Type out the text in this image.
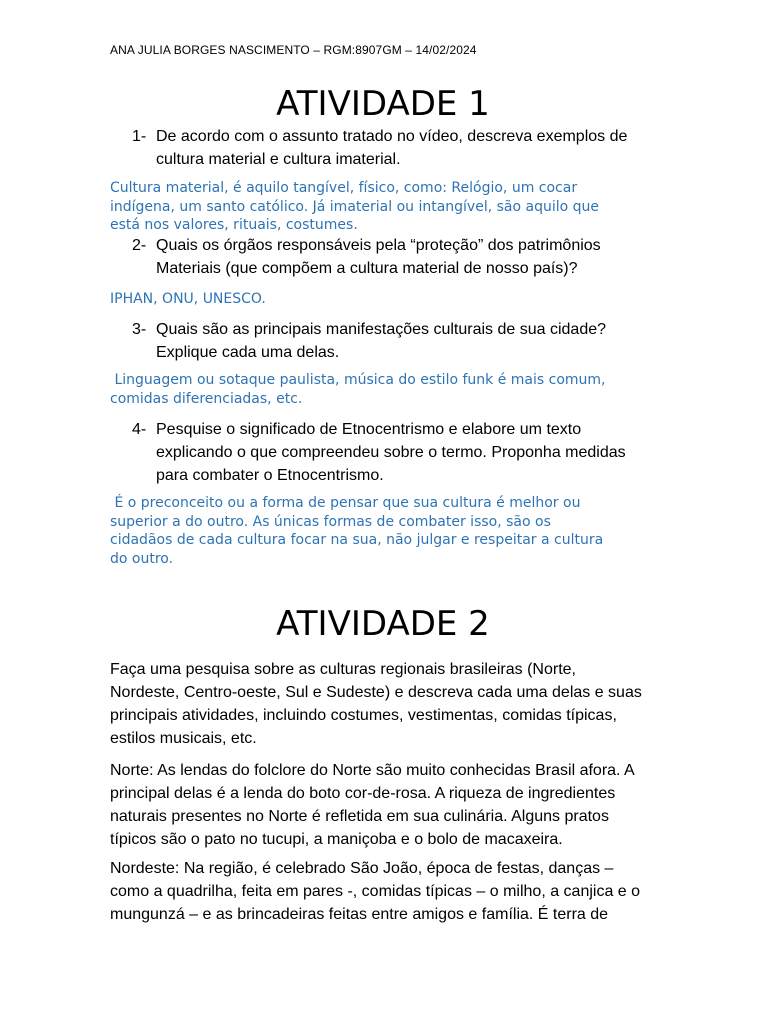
ANA JULIA BORGES NASCIMENTO – RGM:8907GM – 14/02/2024
ATIVIDADE 1
1- De acordo com o assunto tratado no vídeo, descreva exemplos de
cultura material e cultura imaterial.
Cultura material, é aquilo tangível, físico, como: Relógio, um cocar
indígena, um santo católico. Já imaterial ou intangível, são aquilo que
está nos valores, rituais, costumes.
2- Quais os órgãos responsáveis pela “proteção” dos patrimônios
Materiais (que compõem a cultura material de nosso país)?
IPHAN, ONU, UNESCO.
3- Quais são as principais manifestações culturais de sua cidade?
Explique cada uma delas.
Linguagem ou sotaque paulista, música do estilo funk é mais comum,
comidas diferenciadas, etc.
4- Pesquise o significado de Etnocentrismo e elabore um texto
explicando o que compreendeu sobre o termo. Proponha medidas
para combater o Etnocentrismo.
É o preconceito ou a forma de pensar que sua cultura é melhor ou
superior a do outro. As únicas formas de combater isso, são os
cidadãos de cada cultura focar na sua, não julgar e respeitar a cultura
do outro.
ATIVIDADE 2
Faça uma pesquisa sobre as culturas regionais brasileiras (Norte,
Nordeste, Centro-oeste, Sul e Sudeste) e descreva cada uma delas e suas
principais atividades, incluindo costumes, vestimentas, comidas típicas,
estilos musicais, etc.
Norte: As lendas do folclore do Norte são muito conhecidas Brasil afora. A
principal delas é a lenda do boto cor-de-rosa. A riqueza de ingredientes
naturais presentes no Norte é refletida em sua culinária. Alguns pratos
típicos são o pato no tucupi, a maniçoba e o bolo de macaxeira.
Nordeste: Na região, é celebrado São João, época de festas, danças –
como a quadrilha, feita em pares -, comidas típicas – o milho, a canjica e o
mungunzá – e as brincadeiras feitas entre amigos e família. É terra de
